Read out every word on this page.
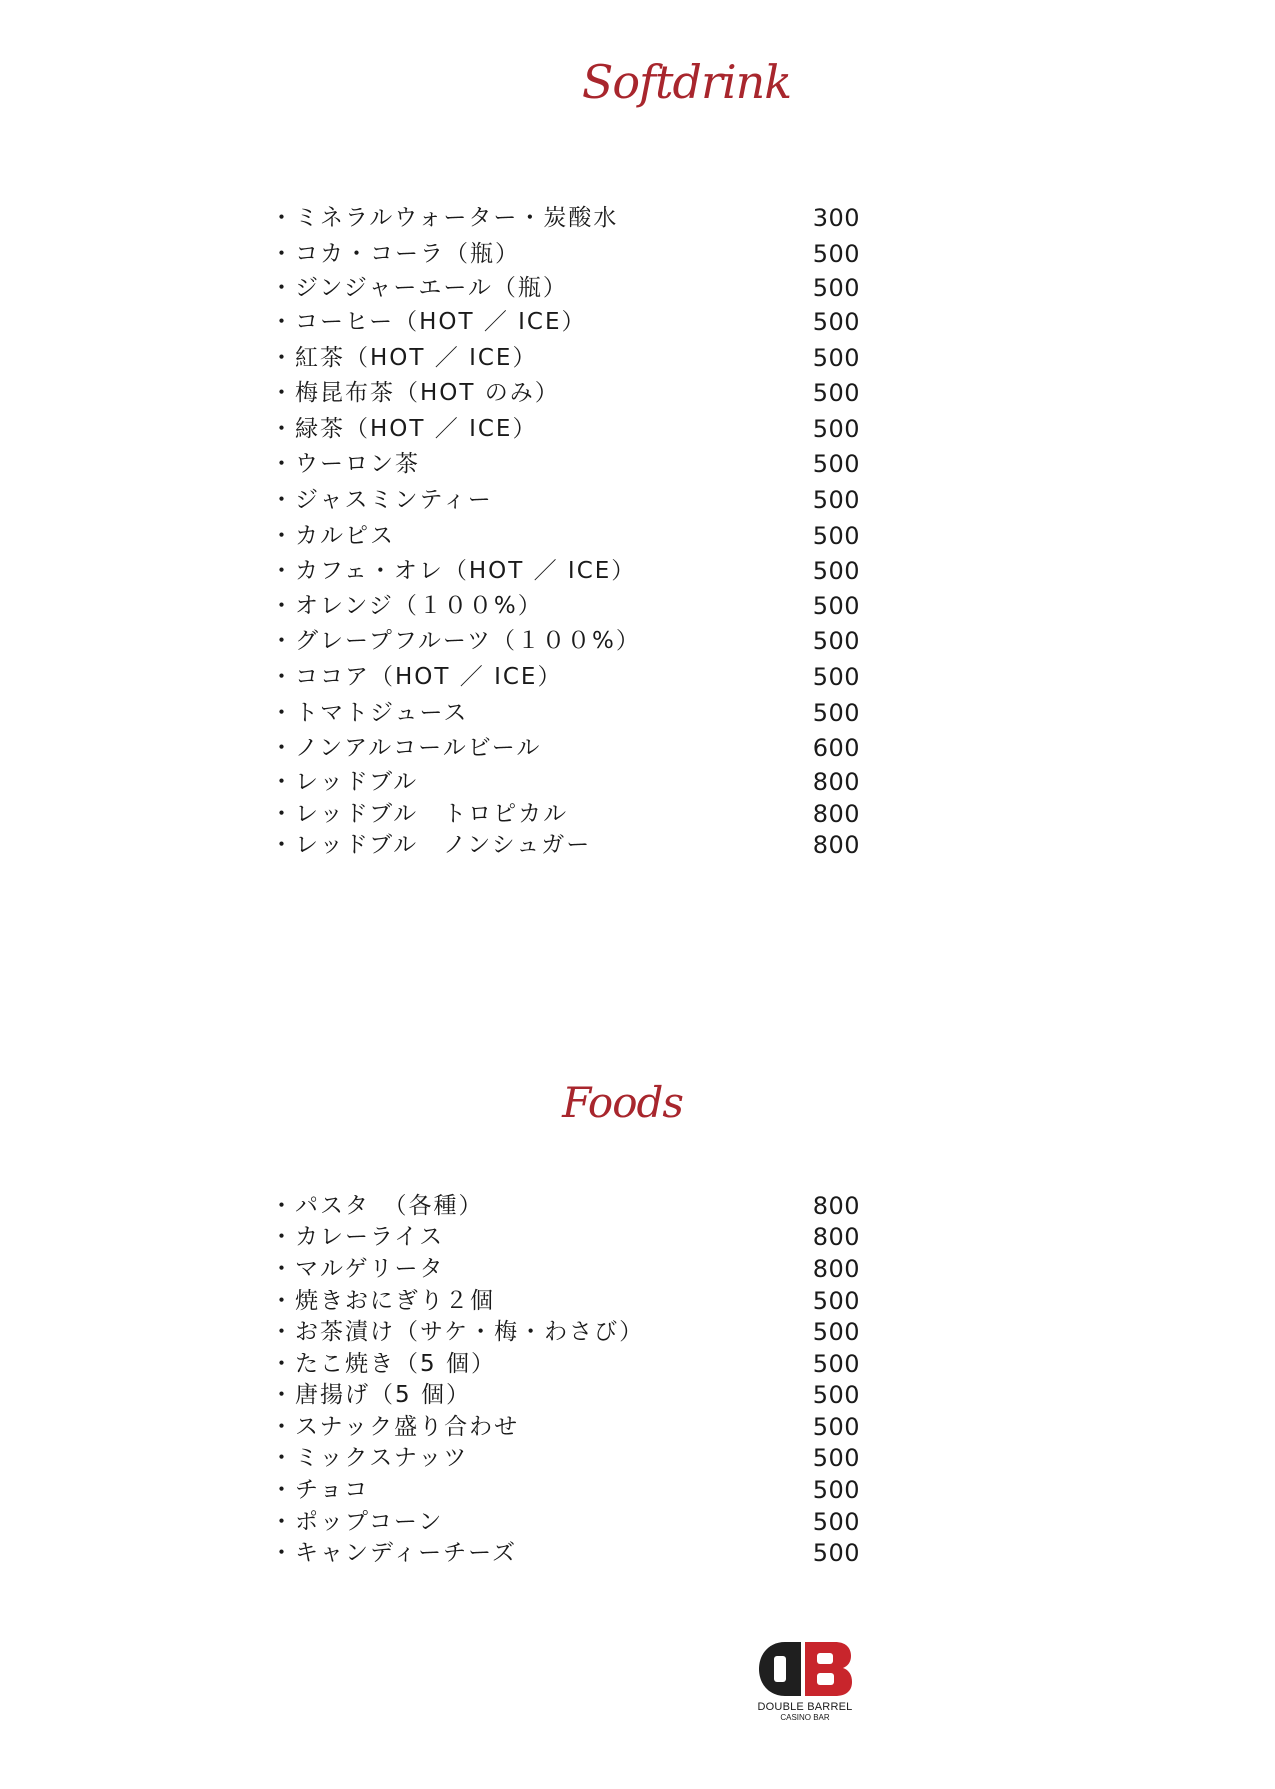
Softdrink
・ミネラルウォーター・炭酸水	300
・コカ・コーラ（瓶）	500
・ジンジャーエール（瓶）	500
・コーヒー（HOT ／ ICE）	500
・紅茶（HOT ／ ICE）	500
・梅昆布茶（HOT のみ）	500
・緑茶（HOT ／ ICE）	500
・ウーロン茶	500
・ジャスミンティー	500
・カルピス	500
・カフェ・オレ（HOT ／ ICE）	500
・オレンジ（１００%）	500
・グレープフルーツ（１００%）	500
・ココア（HOT ／ ICE）	500
・トマトジュース	500
・ノンアルコールビール	600
・レッドブル	800
・レッドブル　トロピカル	800
・レッドブル　ノンシュガー	800
Foods
・パスタ　（各種）	800
・カレーライス	800
・マルゲリータ	800
・焼きおにぎり２個	500
・お茶漬け（サケ・梅・わさび）	500
・たこ焼き（5 個）	500
・唐揚げ（5 個）	500
・スナック盛り合わせ	500
・ミックスナッツ	500
・チョコ	500
・ポップコーン	500
・キャンディーチーズ	500
DOUBLE BARREL
CASINO BAR
